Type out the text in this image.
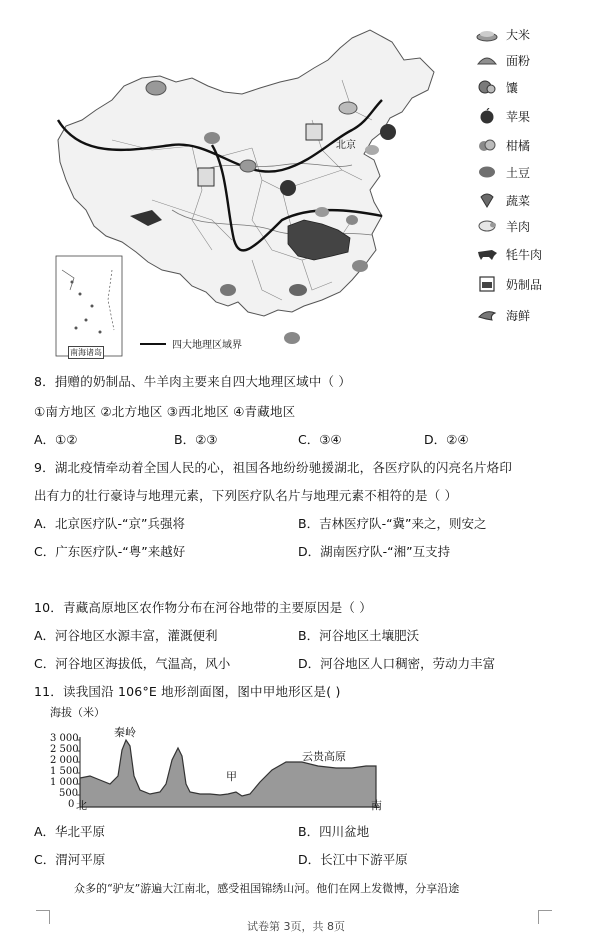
北京
南海诸岛
四大地理区域界
大米
面粉
馕
苹果
柑橘
土豆
蔬菜
羊肉
牦牛肉
奶制品
海鲜
8．捐赠的奶制品、牛羊肉主要来自四大地理区域中（ ）
①南方地区 ②北方地区 ③西北地区 ④青藏地区
A．①②	B．②③	C．③④	D．②④
9．湖北疫情牵动着全国人民的心，祖国各地纷纷驰援湖北，各医疗队的闪亮名片烙印
出有力的壮行豪诗与地理元素，下列医疗队名片与地理元素不相符的是（ ）
A．北京医疗队-“京”兵强将	B．吉林医疗队-“冀”来之，则安之
C．广东医疗队-“粤”来越好	D．湖南医疗队-“湘”互支持
10．青藏高原地区农作物分布在河谷地带的主要原因是（ ）
A．河谷地区水源丰富，灌溉便利	B．河谷地区土壤肥沃
C．河谷地区海拔低，气温高，风小	D．河谷地区人口稠密，劳动力丰富
11．读我国沿 106°E 地形剖面图，图中甲地形区是( )
海拔（米）
3 000
2 500
2 000
1 500
1 000
500
0
秦岭
甲
云贵高原
北	南
A．华北平原	B．四川盆地
C．渭河平原	D．长江中下游平原
众多的“驴友”游遍大江南北，感受祖国锦绣山河。他们在网上发微博，分享沿途
试卷第 3页，共 8页
